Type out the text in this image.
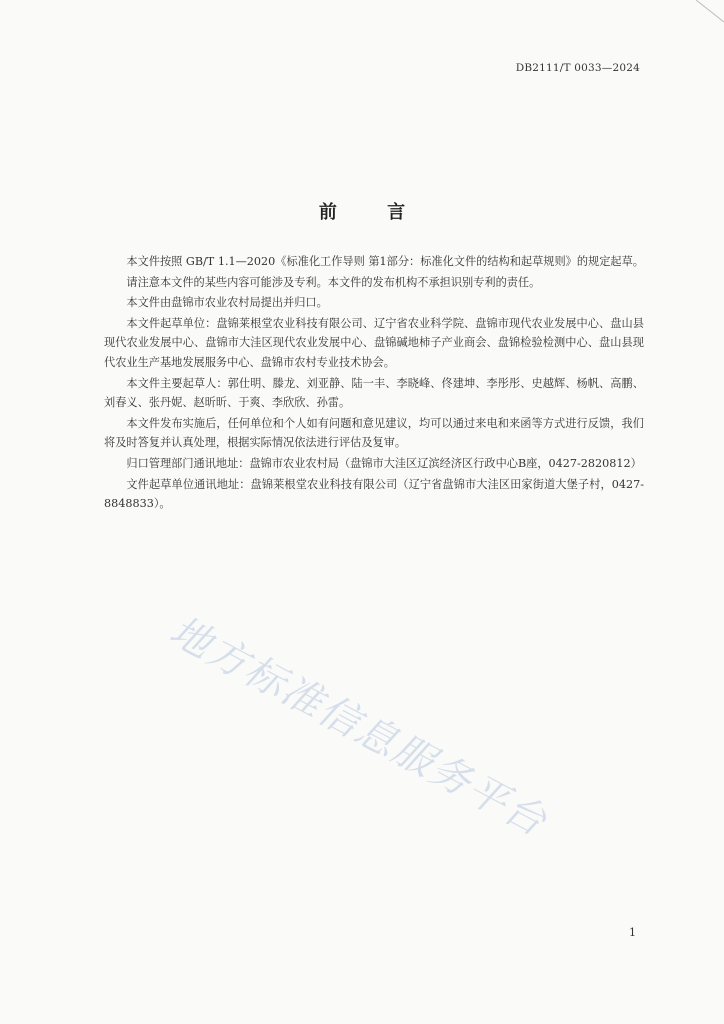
DB2111/T 0033—2024
前 言

本文件按照 GB/T 1.1—2020《标准化工作导则 第1部分：标准化文件的结构和起草规则》的规定起草。

请注意本文件的某些内容可能涉及专利。本文件的发布机构不承担识别专利的责任。

本文件由盘锦市农业农村局提出并归口。

本文件起草单位：盘锦莱根堂农业科技有限公司、辽宁省农业科学院、盘锦市现代农业发展中心、盘山县现代农业发展中心、盘锦市大洼区现代农业发展中心、盘锦碱地柿子产业商会、盘锦检验检测中心、盘山县现代农业生产基地发展服务中心、盘锦市农村专业技术协会。

本文件主要起草人：郭仕明、滕龙、刘亚静、陆一丰、李晓峰、佟建坤、李彤彤、史越辉、杨帆、高鹏、刘春义、张丹妮、赵昕昕、于爽、李欣欣、孙雷。

本文件发布实施后，任何单位和个人如有问题和意见建议，均可以通过来电和来函等方式进行反馈，我们将及时答复并认真处理，根据实际情况依法进行评估及复审。

归口管理部门通讯地址：盘锦市农业农村局（盘锦市大洼区辽滨经济区行政中心B座，0427-2820812）

文件起草单位通讯地址：盘锦莱根堂农业科技有限公司（辽宁省盘锦市大洼区田家街道大堡子村，0427-8848833）。

地方标准信息服务平台
1
